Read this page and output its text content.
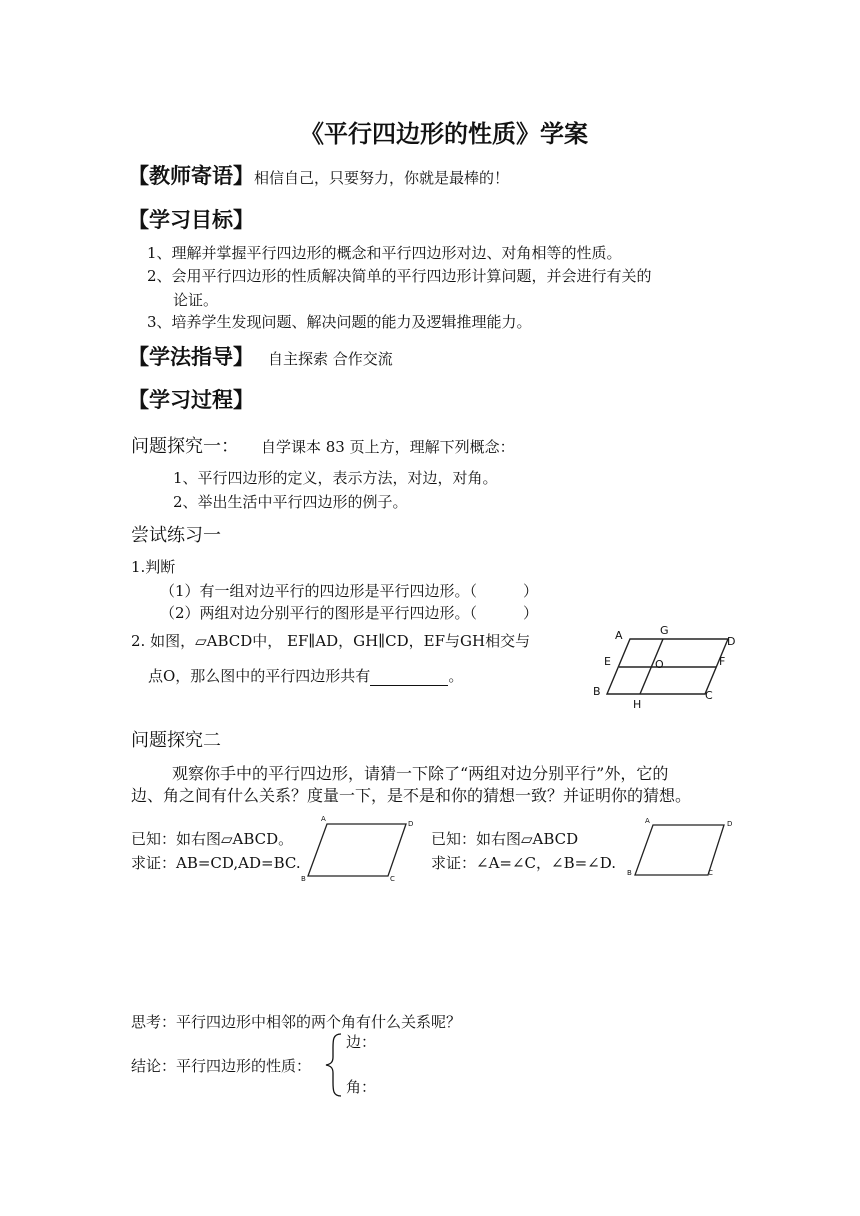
《平行四边形的性质》学案
【教师寄语】相信自己，只要努力，你就是最棒的！
【学习目标】
1、理解并掌握平行四边形的概念和平行四边形对边、对角相等的性质。
2、会用平行四边形的性质解决简单的平行四边形计算问题，并会进行有关的
论证。
3、培养学生发现问题、解决问题的能力及逻辑推理能力。
【学法指导】 自主探索 合作交流
【学习过程】
问题探究一： 自学课本 83 页上方，理解下列概念：
1、平行四边形的定义，表示方法，对边，对角。
2、举出生活中平行四边形的例子。
尝试练习一
1.判断
（1）有一组对边平行的四边形是平行四边形。（	）
（2）两组对边分别平行的图形是平行四边形。（	）
2. 如图，▱ABCD中， EF∥AD，GH∥CD，EF与GH相交与
点O，那么图中的平行四边形共有	。
A	G
D
E	O	F
B
H
C
问题探究二
观察你手中的平行四边形，请猜一下除了“两组对边分别平行”外，它的
边、角之间有什么关系？度量一下，是不是和你的猜想一致？并证明你的猜想。
已知：如右图▱ABCD。
求证：AB=CD,AD=BC.
A
D
B	C
已知：如右图▱ABCD
求证：∠A=∠C，∠B=∠D.
A	D
B	C
思考：平行四边形中相邻的两个角有什么关系呢？
结论：平行四边形的性质：
边：
角：
